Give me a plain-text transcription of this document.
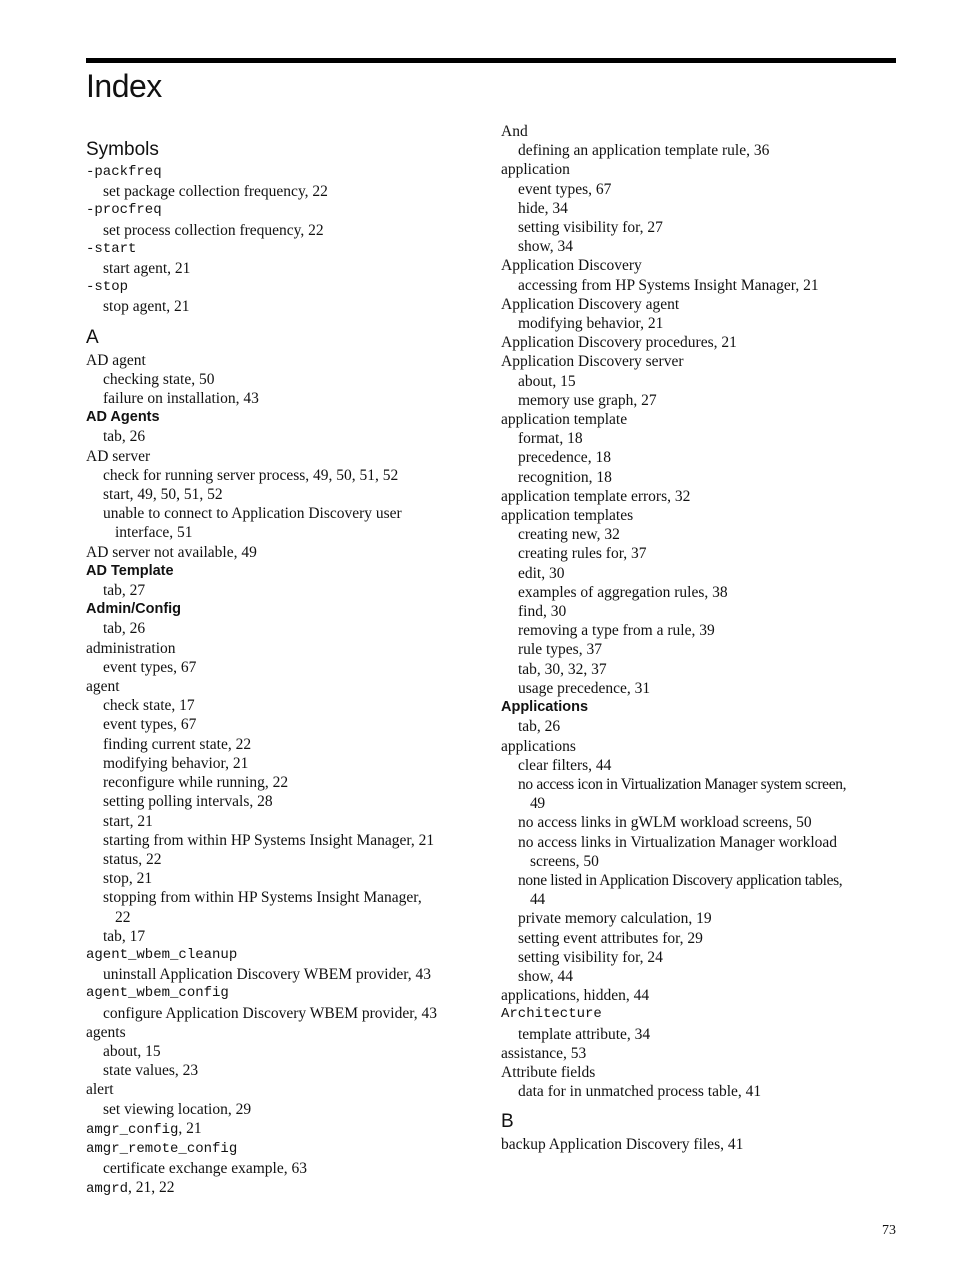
Index
Symbols
-packfreq
set package collection frequency, 22
-procfreq
set process collection frequency, 22
-start
start agent, 21
-stop
stop agent, 21
A
AD agent
checking state, 50
failure on installation, 43
AD Agents
tab, 26
AD server
check for running server process, 49, 50, 51, 52
start, 49, 50, 51, 52
unable to connect to Application Discovery user
interface, 51
AD server not available, 49
AD Template
tab, 27
Admin/Config
tab, 26
administration
event types, 67
agent
check state, 17
event types, 67
finding current state, 22
modifying behavior, 21
reconfigure while running, 22
setting polling intervals, 28
start, 21
starting from within HP Systems Insight Manager, 21
status, 22
stop, 21
stopping from within HP Systems Insight Manager,
22
tab, 17
agent_wbem_cleanup
uninstall Application Discovery WBEM provider, 43
agent_wbem_config
configure Application Discovery WBEM provider, 43
agents
about, 15
state values, 23
alert
set viewing location, 29
amgr_config, 21
amgr_remote_config
certificate exchange example, 63
amgrd, 21, 22
And
defining an application template rule, 36
application
event types, 67
hide, 34
setting visibility for, 27
show, 34
Application Discovery
accessing from HP Systems Insight Manager, 21
Application Discovery agent
modifying behavior, 21
Application Discovery procedures, 21
Application Discovery server
about, 15
memory use graph, 27
application template
format, 18
precedence, 18
recognition, 18
application template errors, 32
application templates
creating new, 32
creating rules for, 37
edit, 30
examples of aggregation rules, 38
find, 30
removing a type from a rule, 39
rule types, 37
tab, 30, 32, 37
usage precedence, 31
Applications
tab, 26
applications
clear filters, 44
no access icon in Virtualization Manager system screen,
49
no access links in gWLM workload screens, 50
no access links in Virtualization Manager workload
screens, 50
none listed in Application Discovery application tables,
44
private memory calculation, 19
setting event attributes for, 29
setting visibility for, 24
show, 44
applications, hidden, 44
Architecture
template attribute, 34
assistance, 53
Attribute fields
data for in unmatched process table, 41
B
backup Application Discovery files, 41
73
